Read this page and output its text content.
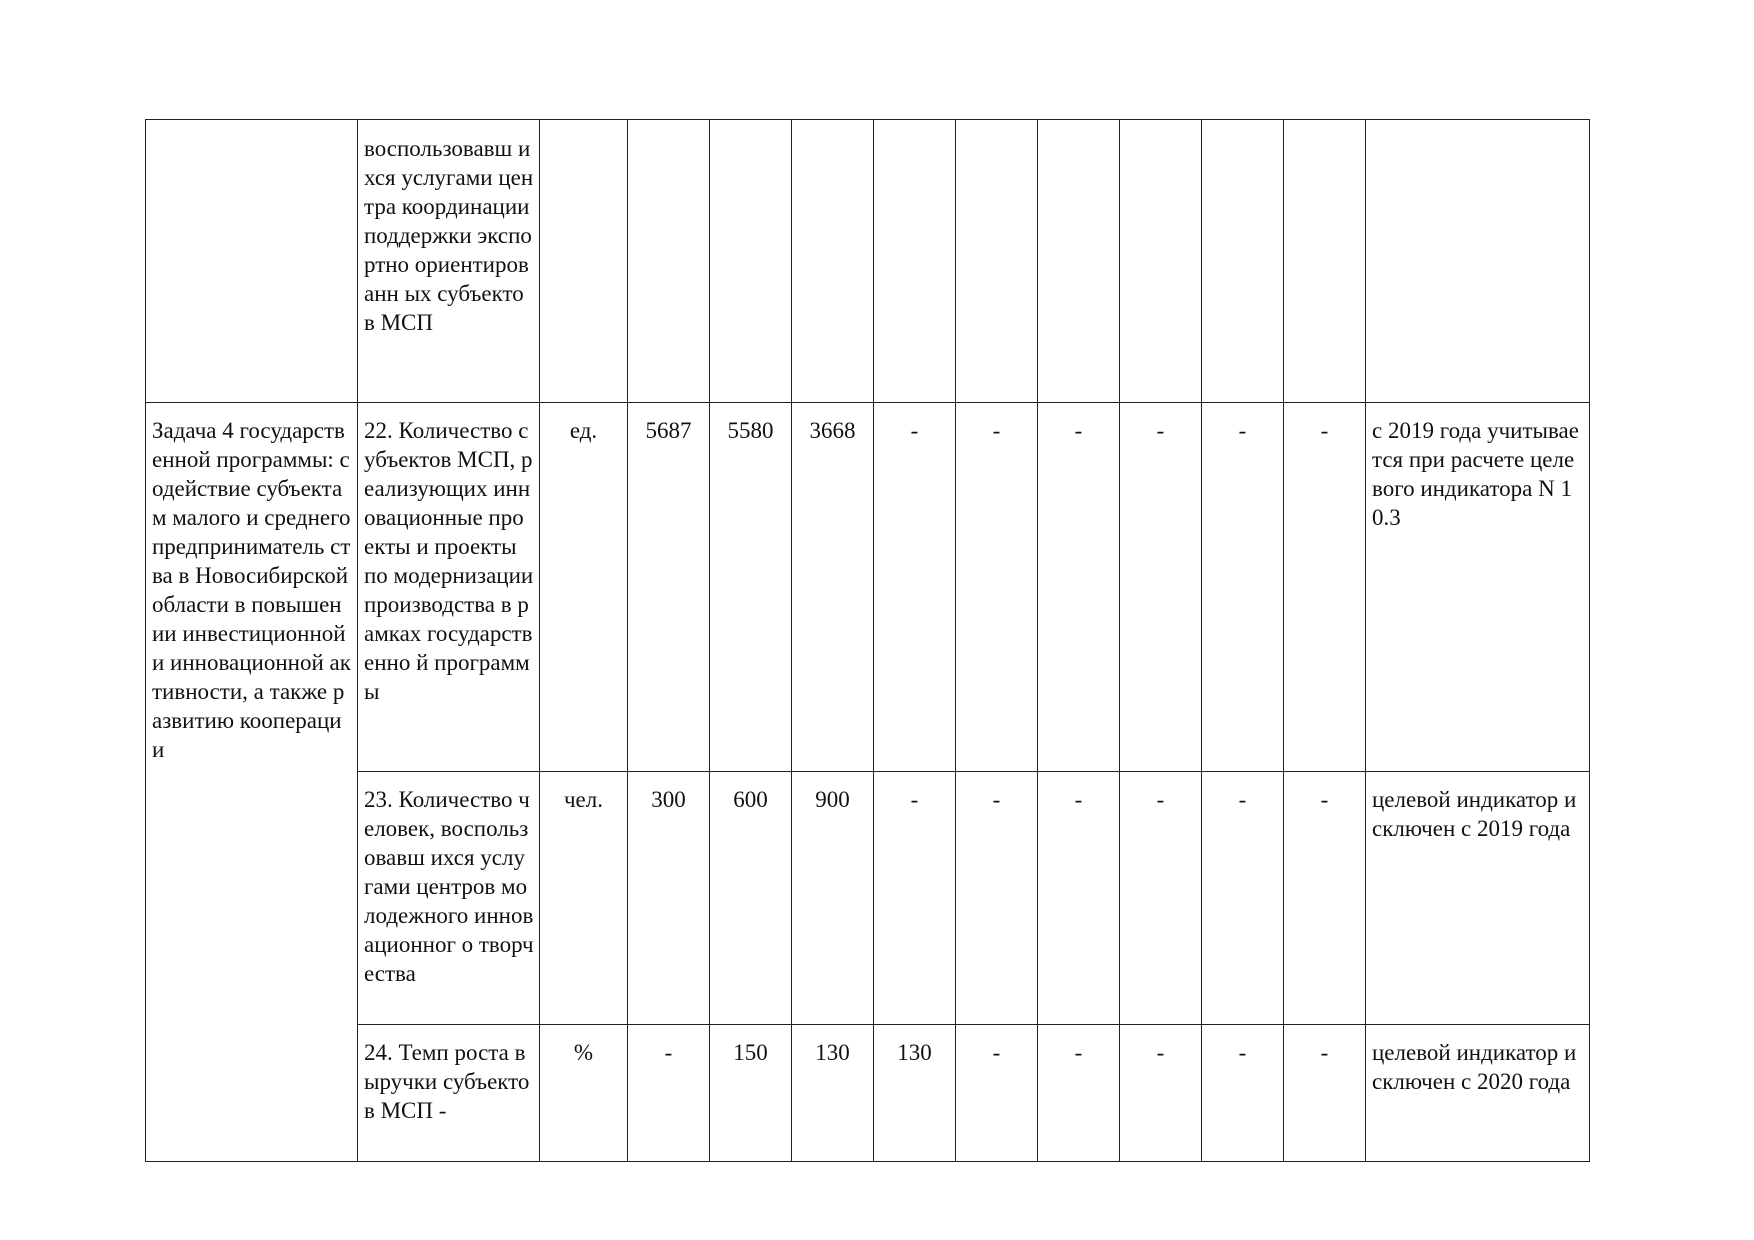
	воспользовавш ихся услугами центра координации поддержки экспортно ориентированн ых субъектов МСП											
Задача 4 государственной программы: содействие субъектам малого и среднего предприниматель ства в Новосибирской области в повышении инвестиционной и инновационной активности, а также развитию кооперации	22. Количество субъектов МСП, реализующих инновационные проекты и проекты по модернизации производства в рамках государственно й программы	ед.	5687	5580	3668	-	-	-	-	-	-	с 2019 года учитывается при расчете целевого индикатора N 10.3
	23. Количество человек, воспользовавш ихся услугами центров молодежного инновационног о творчества	чел.	300	600	900	-	-	-	-	-	-	целевой индикатор исключен с 2019 года
	24. Темп роста выручки субъектов МСП -	%	-	150	130	130	-	-	-	-	-	целевой индикатор исключен с 2020 года
